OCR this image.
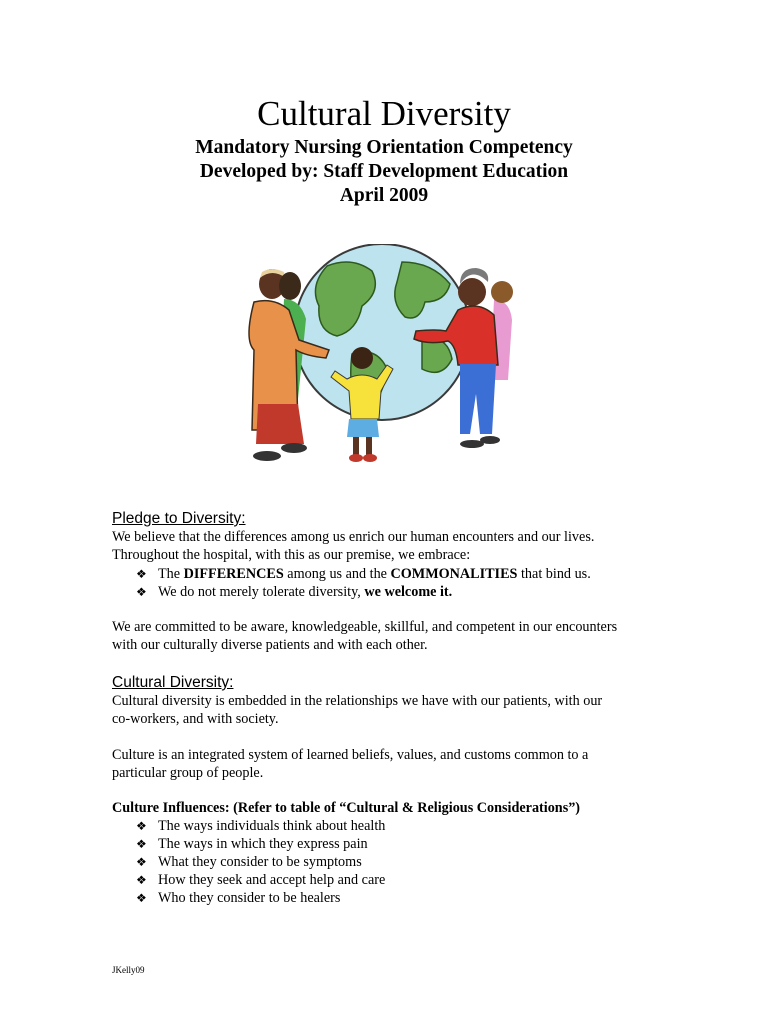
Cultural Diversity
Mandatory Nursing Orientation Competency
Developed by: Staff Development Education
April 2009
Pledge to Diversity:
We believe that the differences among us enrich our human encounters and our lives.
Throughout the hospital, with this as our premise, we embrace:
❖ The DIFFERENCES among us and the COMMONALITIES that bind us.
❖ We do not merely tolerate diversity, we welcome it.
We are committed to be aware, knowledgeable, skillful, and competent in our encounters
with our culturally diverse patients and with each other.
Cultural Diversity:
Cultural diversity is embedded in the relationships we have with our patients, with our
co-workers, and with society.
Culture is an integrated system of learned beliefs, values, and customs common to a
particular group of people.
Culture Influences: (Refer to table of “Cultural & Religious Considerations”)
❖ The ways individuals think about health
❖ The ways in which they express pain
❖ What they consider to be symptoms
❖ How they seek and accept help and care
❖ Who they consider to be healers
JKelly09
